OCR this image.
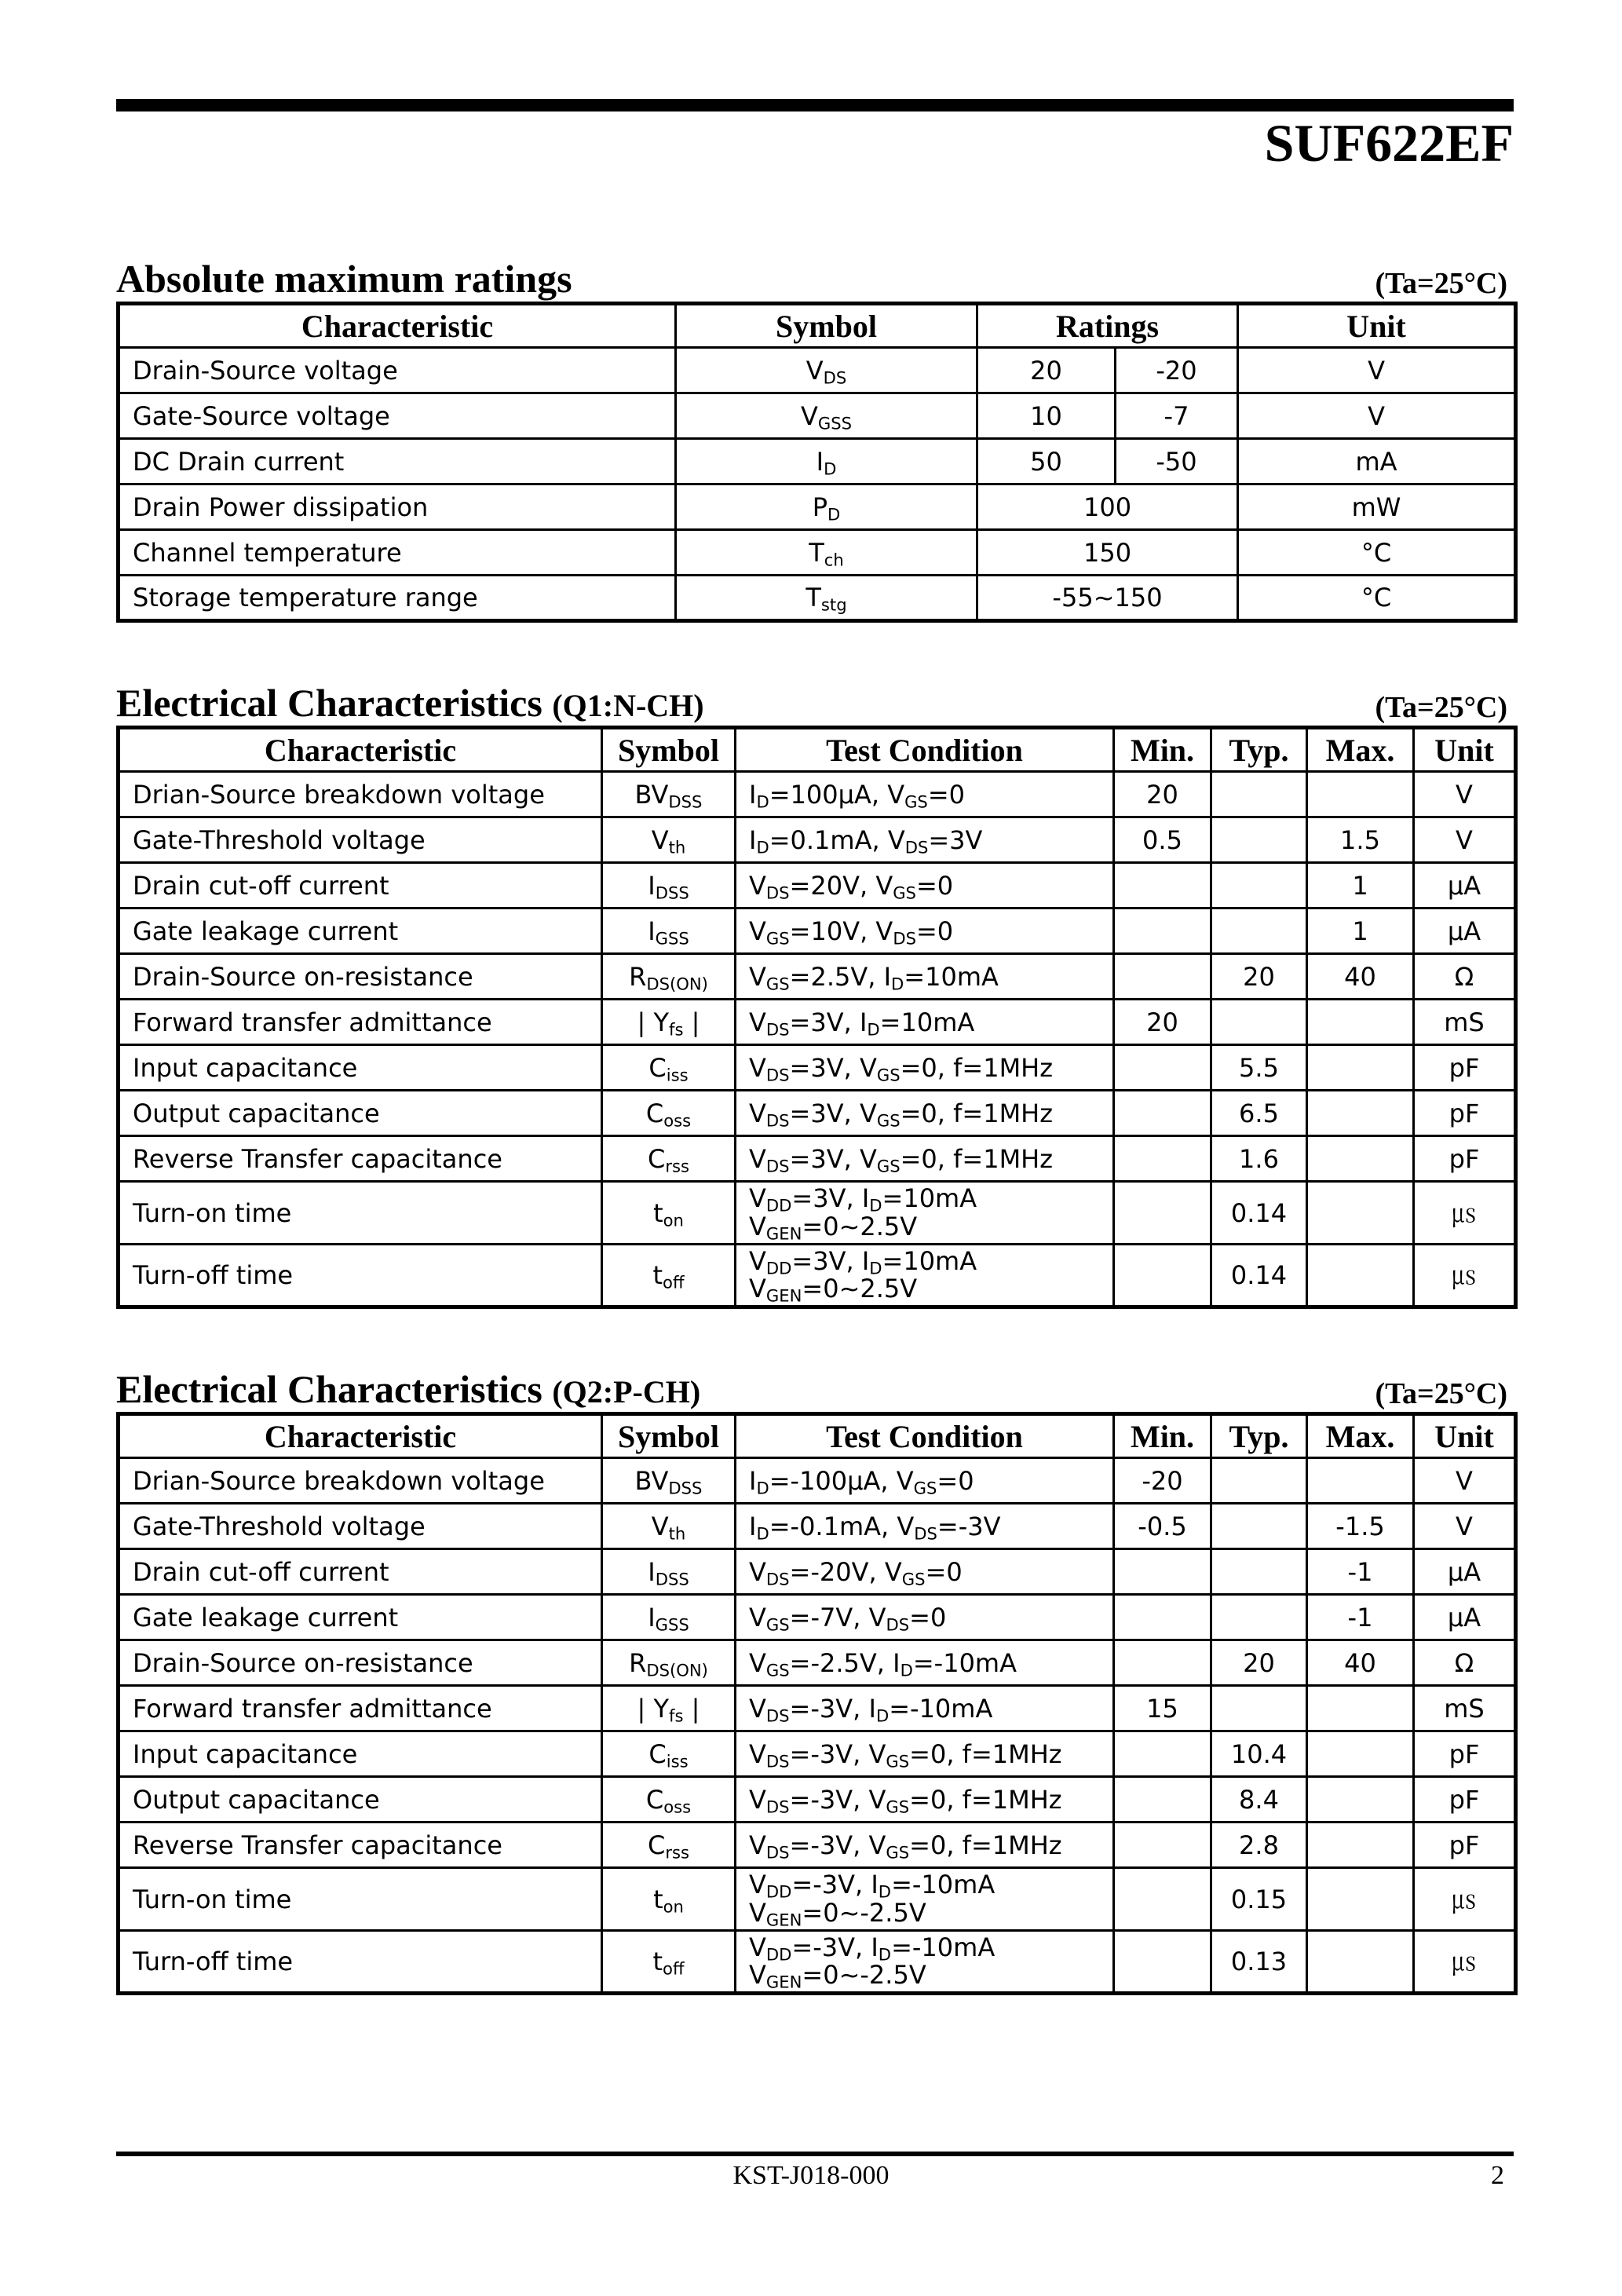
SUF622EF
Absolute maximum ratings	(Ta=25°C)
Characteristic	Symbol	Ratings		Unit
Drain-Source voltage	$V_{DS}$	20	-20	V
Gate-Source voltage	$V_{GSS}$	10	-7	V
DC Drain current	$I_D$	50	-50	mA
Drain Power dissipation	$P_D$	100		mW
Channel temperature	$T_{ch}$	150		°C
Storage temperature range	$T_{stg}$	-55~150		°C
Electrical Characteristics (Q1:N-CH)	(Ta=25°C)
Characteristic	Symbol	Test Condition	Min.	Typ.	Max.	Unit
Drian-Source breakdown voltage	$BV_{DSS}$	$I_D=100\mu A$, $V_{GS}=0$	20			V
Gate-Threshold voltage	$V_{th}$	$I_D=0.1mA$, $V_{DS}=3V$	0.5		1.5	V
Drain cut-off current	$I_{DSS}$	$V_{DS}=20V$, $V_{GS}=0$			1	μA
Gate leakage current	$I_{GSS}$	$V_{GS}=10V$, $V_{DS}=0$			1	μA
Drain-Source on-resistance	$R_{DS(ON)}$	$V_{GS}=2.5V$, $I_D=10mA$		20	40	Ω
Forward transfer admittance	| $Y_{fs}$ |	$V_{DS}=3V$, $I_D=10mA$	20			mS
Input capacitance	$C_{iss}$	$V_{DS}=3V$, $V_{GS}=0$, f=1MHz		5.5		pF
Output capacitance	$C_{oss}$	$V_{DS}=3V$, $V_{GS}=0$, f=1MHz		6.5		pF
Reverse Transfer capacitance	$C_{rss}$	$V_{DS}=3V$, $V_{GS}=0$, f=1MHz		1.6		pF
Turn-on time	$t_{on}$	$V_{DD}=3V$, $I_D=10mA$
$V_{GEN}=0\sim 2.5V$		0.14		㎲
Turn-off time	$t_{off}$	$V_{DD}=3V$, $I_D=10mA$
$V_{GEN}=0\sim 2.5V$		0.14		㎲
Electrical Characteristics (Q2:P-CH)	(Ta=25°C)
Characteristic	Symbol	Test Condition	Min.	Typ.	Max.	Unit
Drian-Source breakdown voltage	$BV_{DSS}$	$I_D=-100\mu A$, $V_{GS}=0$	-20			V
Gate-Threshold voltage	$V_{th}$	$I_D=-0.1mA$, $V_{DS}=-3V$	-0.5		-1.5	V
Drain cut-off current	$I_{DSS}$	$V_{DS}=-20V$, $V_{GS}=0$			-1	μA
Gate leakage current	$I_{GSS}$	$V_{GS}=-7V$, $V_{DS}=0$			-1	μA
Drain-Source on-resistance	$R_{DS(ON)}$	$V_{GS}=-2.5V$, $I_D=-10mA$		20	40	Ω
Forward transfer admittance	| $Y_{fs}$ |	$V_{DS}=-3V$, $I_D=-10mA$	15			mS
Input capacitance	$C_{iss}$	$V_{DS}=-3V$, $V_{GS}=0$, f=1MHz		10.4		pF
Output capacitance	$C_{oss}$	$V_{DS}=-3V$, $V_{GS}=0$, f=1MHz		8.4		pF
Reverse Transfer capacitance	$C_{rss}$	$V_{DS}=-3V$, $V_{GS}=0$, f=1MHz		2.8		pF
Turn-on time	$t_{on}$	$V_{DD}=-3V$, $I_D=-10mA$
$V_{GEN}=0\sim-2.5V$		0.15		㎲
Turn-off time	$t_{off}$	$V_{DD}=-3V$, $I_D=-10mA$
$V_{GEN}=0\sim-2.5V$		0.13		㎲
KST-J018-000	2
